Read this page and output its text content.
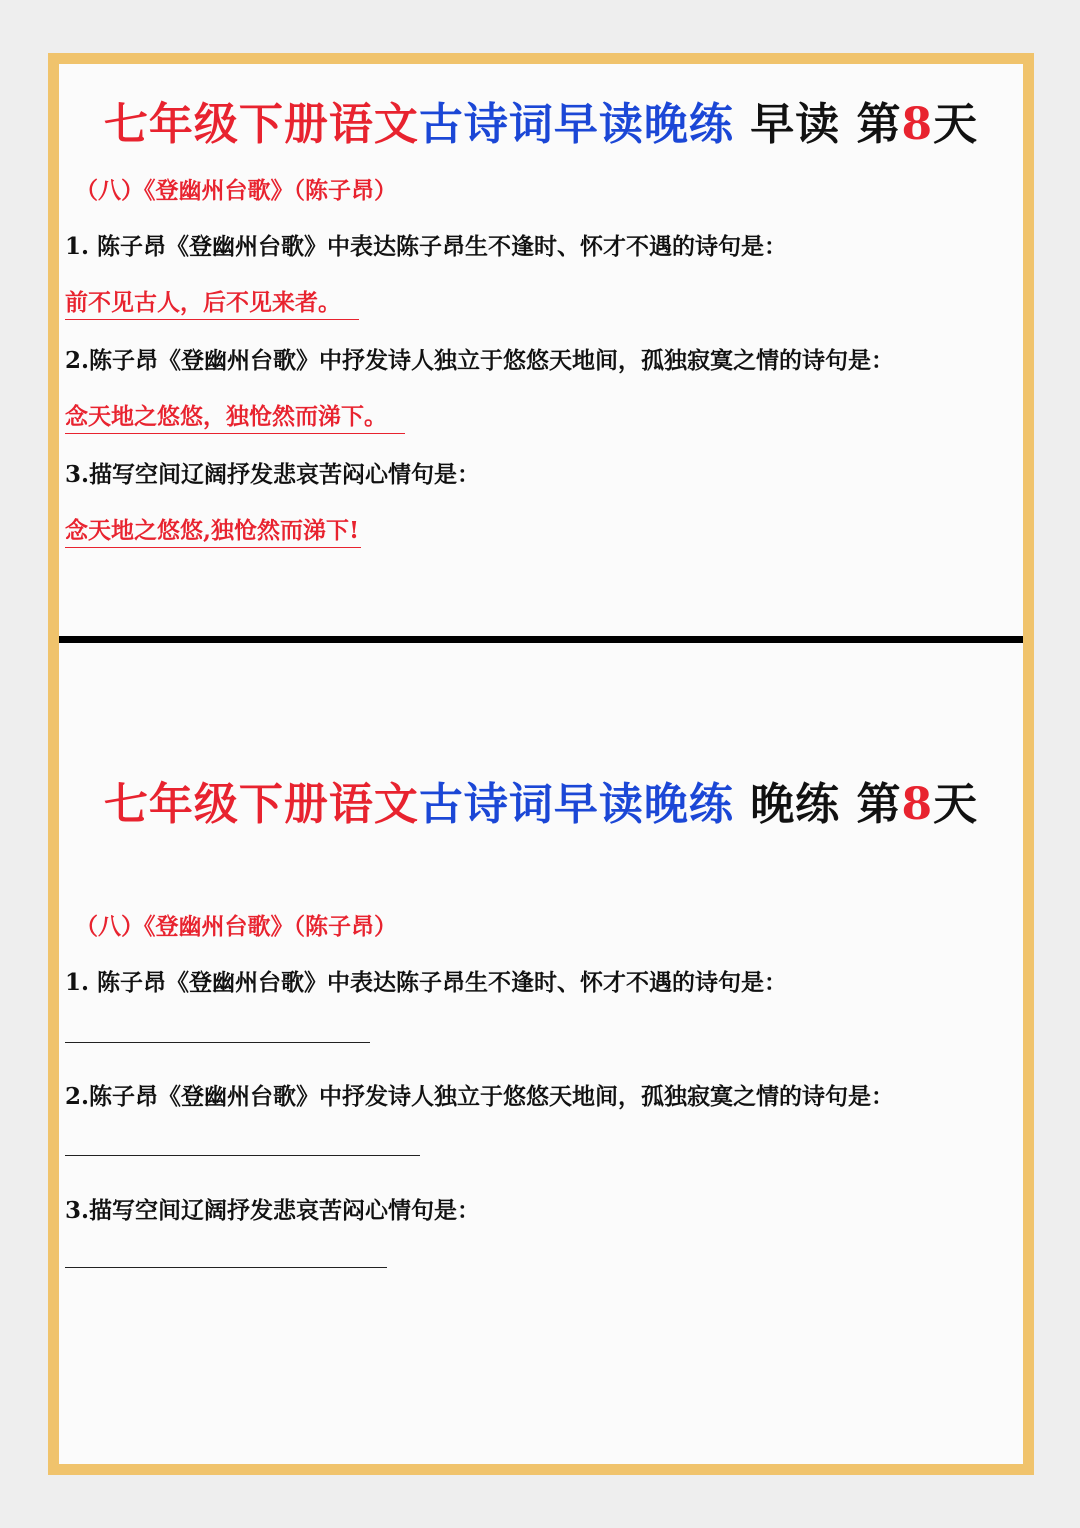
七年级下册语文古诗词早读晚练 早读 第8天
（八）《登幽州台歌》（陈子昂）
1. 陈子昂《登幽州台歌》中表达陈子昂生不逢时、怀才不遇的诗句是：
前不见古人，后不见来者。
2.陈子昂《登幽州台歌》中抒发诗人独立于悠悠天地间，孤独寂寞之情的诗句是：
念天地之悠悠，独怆然而涕下。
3.描写空间辽阔抒发悲哀苦闷心情句是：
念天地之悠悠,独怆然而涕下!
七年级下册语文古诗词早读晚练 晚练 第8天
（八）《登幽州台歌》（陈子昂）
1. 陈子昂《登幽州台歌》中表达陈子昂生不逢时、怀才不遇的诗句是：
2.陈子昂《登幽州台歌》中抒发诗人独立于悠悠天地间，孤独寂寞之情的诗句是：
3.描写空间辽阔抒发悲哀苦闷心情句是：
